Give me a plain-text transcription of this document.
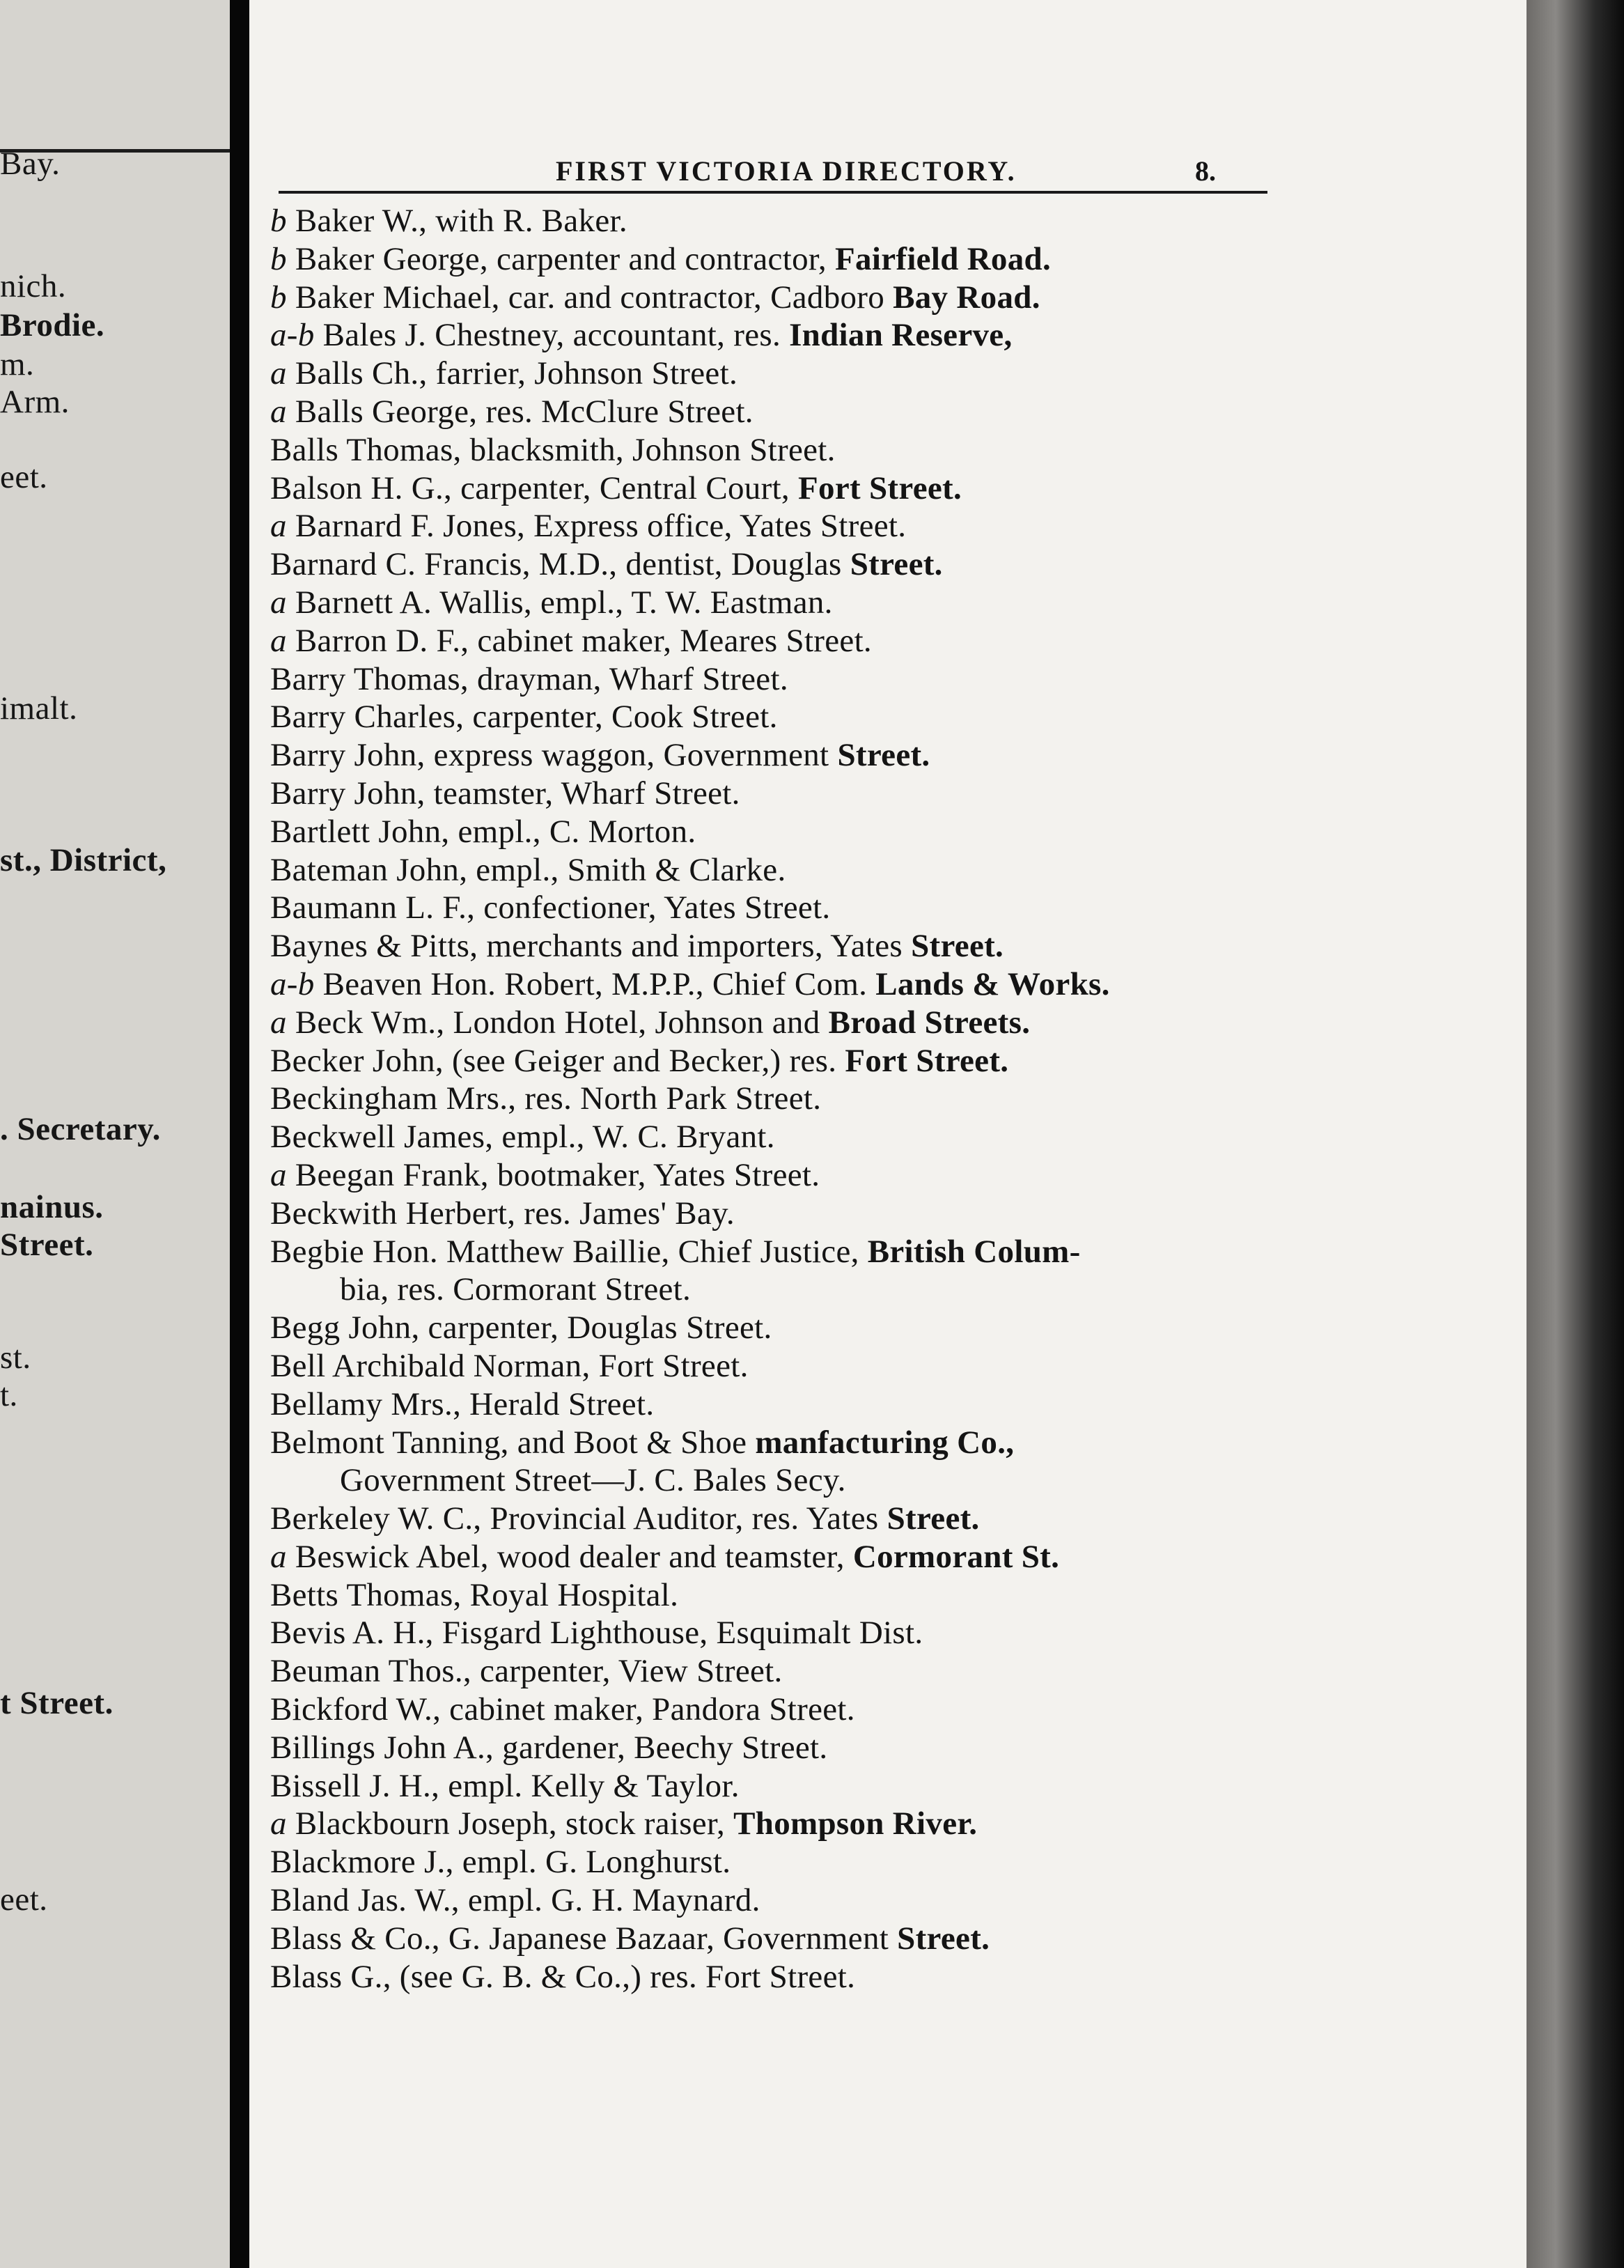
Bay.
nich.
Brodie.
m.
Arm.
eet.
imalt.
st., District,
. Secretary.
nainus.
Street.
st.
t.
t Street.
eet.
FIRST VICTORIA DIRECTORY.	8.
b Baker W., with R. Baker.
b Baker George, carpenter and contractor, Fairfield Road.
b Baker Michael, car. and contractor, Cadboro Bay Road.
a-b Bales J. Chestney, accountant, res. Indian Reserve,
a Balls Ch., farrier, Johnson Street.
a Balls George, res. McClure Street.
Balls Thomas, blacksmith, Johnson Street.
Balson H. G., carpenter, Central Court, Fort Street.
a Barnard F. Jones, Express office, Yates Street.
Barnard C. Francis, M.D., dentist, Douglas Street.
a Barnett A. Wallis, empl., T. W. Eastman.
a Barron D. F., cabinet maker, Meares Street.
Barry Thomas, drayman, Wharf Street.
Barry Charles, carpenter, Cook Street.
Barry John, express waggon, Government Street.
Barry John, teamster, Wharf Street.
Bartlett John, empl., C. Morton.
Bateman John, empl., Smith & Clarke.
Baumann L. F., confectioner, Yates Street.
Baynes & Pitts, merchants and importers, Yates Street.
a-b Beaven Hon. Robert, M.P.P., Chief Com. Lands & Works.
a Beck Wm., London Hotel, Johnson and Broad Streets.
Becker John, (see Geiger and Becker,) res. Fort Street.
Beckingham Mrs., res. North Park Street.
Beckwell James, empl., W. C. Bryant.
a Beegan Frank, bootmaker, Yates Street.
Beckwith Herbert, res. James' Bay.
Begbie Hon. Matthew Baillie, Chief Justice, British Colum-
bia, res. Cormorant Street.
Begg John, carpenter, Douglas Street.
Bell Archibald Norman, Fort Street.
Bellamy Mrs., Herald Street.
Belmont Tanning, and Boot & Shoe manfacturing Co.,
Government Street—J. C. Bales Secy.
Berkeley W. C., Provincial Auditor, res. Yates Street.
a Beswick Abel, wood dealer and teamster, Cormorant St.
Betts Thomas, Royal Hospital.
Bevis A. H., Fisgard Lighthouse, Esquimalt Dist.
Beuman Thos., carpenter, View Street.
Bickford W., cabinet maker, Pandora Street.
Billings John A., gardener, Beechy Street.
Bissell J. H., empl. Kelly & Taylor.
a Blackbourn Joseph, stock raiser, Thompson River.
Blackmore J., empl. G. Longhurst.
Bland Jas. W., empl. G. H. Maynard.
Blass & Co., G. Japanese Bazaar, Government Street.
Blass G., (see G. B. & Co.,) res. Fort Street.
